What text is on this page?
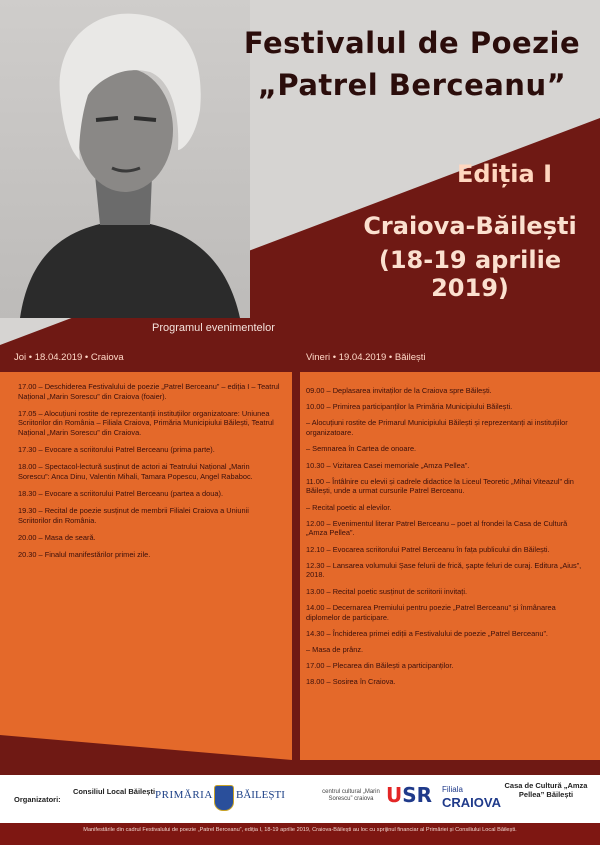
Festivalul de Poezie
„Patrel Berceanu”
Ediția I
Craiova-Băilești
(18-19 aprilie 2019)
Programul evenimentelor
Joi • 18.04.2019 • Craiova	Vineri • 19.04.2019 • Băilești
17.00 – Deschiderea Festivalului de poezie „Patrel Berceanu” – ediția I – Teatrul Național „Marin Sorescu” din Craiova (foaier).
17.05 – Alocuțiuni rostite de reprezentanții instituțiilor organizatoare: Uniunea Scriitorilor din România – Filiala Craiova, Primăria Municipiului Băilești, Teatrul Național „Marin Sorescu” din Craiova.
17.30 – Evocare a scriitorului Patrel Berceanu (prima parte).
18.00 – Spectacol-lectură susținut de actori ai Teatrului Național „Marin Sorescu”: Anca Dinu, Valentin Mihali, Tamara Popescu, Angel Rababoc.
18.30 – Evocare a scriitorului Patrel Berceanu (partea a doua).
19.30 – Recital de poezie susținut de membrii Filialei Craiova a Uniunii Scriitorilor din România.
20.00 – Masa de seară.
20.30 – Finalul manifestărilor primei zile.
09.00 – Deplasarea invitaților de la Craiova spre Băilești.
10.00 – Primirea participanților la Primăria Municipiului Băilești.
– Alocuțiuni rostite de Primarul Municipiului Băilești și reprezentanți ai instituțiilor organizatoare.
– Semnarea în Cartea de onoare.
10.30 – Vizitarea Casei memoriale „Amza Pellea”.
11.00 – Întâlnire cu elevii și cadrele didactice la Liceul Teoretic „Mihai Viteazul” din Băilești, unde a urmat cursurile Patrel Berceanu.
– Recital poetic al elevilor.
12.00 – Evenimentul literar Patrel Berceanu – poet al frondei la Casa de Cultură „Amza Pellea”.
12.10 – Evocarea scriitorului Patrel Berceanu în fața publicului din Băilești.
12.30 – Lansarea volumului Șase felurii de frică, șapte feluri de curaj. Editura „Aius”, 2018.
13.00 – Recital poetic susținut de scriitorii invitați.
14.00 – Decernarea Premiului pentru poezie „Patrel Berceanu” și înmânarea diplomelor de participare.
14.30 – Închiderea primei ediții a Festivalului de poezie „Patrel Berceanu”.
– Masa de prânz.
17.00 – Plecarea din Băilești a participanților.
18.00 – Sosirea în Craiova.
Organizatori:
Consiliul Local Băilești PRIMĂRIA BĂILEȘTI	centrul cultural „Marin Sorescu” craiova USR Filiala
CRAIOVA
Casa de Cultură „Amza Pellea” Băilești
Manifestările din cadrul Festivalului de poezie „Patrel Berceanu”, ediția I, 18-19 aprilie 2019, Craiova-Băilești au loc cu sprijinul financiar al Primăriei și Consiliului Local Băilești.
